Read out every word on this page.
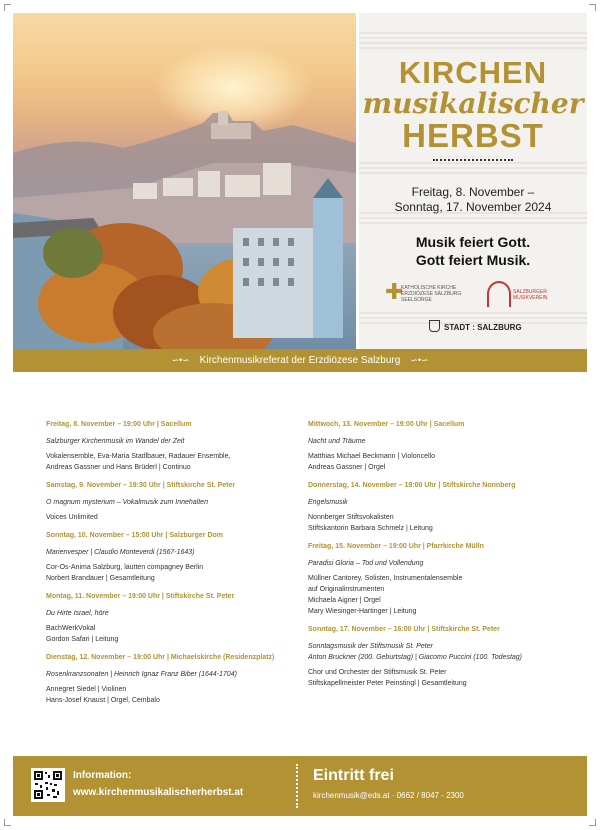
KIRCHEN
musikalischer
HERBST
Freitag, 8. November –
Sonntag, 17. November 2024
Musik feiert Gott.
Gott feiert Musik.
✚
KATHOLISCHE KIRCHE
ERZDIÖZESE SALZBURG
SEELSORGE
SALZBURGER
MUSIKVEREIN
STADT : SALZBURG
∽•∽ Kirchenmusikreferat der Erzdiözese Salzburg ∽•∽
Freitag, 8. November – 19:00 Uhr | Sacellum
Salzburger Kirchenmusik im Wandel der Zeit
Vokalensemble, Eva-Maria Stadlbauer, Radauer Ensemble,
Andreas Gassner und Hans Brüderl | Continuo
Samstag, 9. November – 19:30 Uhr | Stiftskirche St. Peter
O magnum mysterium – Vokalmusik zum Innehalten
Voices Unlimited
Sonntag, 10. November – 15:00 Uhr | Salzburger Dom
Marienvesper | Claudio Monteverdi (1567-1643)
Cor-Os-Anima Salzburg, lautten compagney Berlin
Norbert Brandauer | Gesamtleitung
Montag, 11. November – 19:00 Uhr | Stiftskirche St. Peter
Du Hirte Israel, höre
BachWerkVokal
Gordon Safari | Leitung
Dienstag, 12. November – 19:00 Uhr | Michaelskirche (Residenzplatz)
Rosenkranzsonaten | Heinrich Ignaz Franz Biber (1644-1704)
Annegret Siedel | Violinen
Hans-Josef Knaust | Orgel, Cembalo
Mittwoch, 13. November – 19:00 Uhr | Sacellum
Nacht und Träume
Matthias Michael Beckmann | Violoncello
Andreas Gassner | Orgel
Donnerstag, 14. November – 19:00 Uhr | Stiftskirche Nonnberg
Engelsmusik
Nonnberger Stiftsvokalisten
Stiftskantorin Barbara Schmelz | Leitung
Freitag, 15. November – 19:00 Uhr | Pfarrkirche Mülln
Paradisi Gloria – Tod und Vollendung
Müllner Cantorey, Solisten, Instrumentalensemble
auf Originalinstrumenten
Michaela Aigner | Orgel
Mary Wiesinger-Hartinger | Leitung
Sonntag, 17. November – 16:00 Uhr | Stiftskirche St. Peter
Sonntagsmusik der Stiftsmusik St. Peter
Anton Bruckner (200. Geburtstag) | Giacomo Puccini (100. Todestag)
Chor und Orchester der Stiftsmusik St. Peter
Stiftskapellmeister Peter Peinstingl | Gesamtleitung
Information:
www.kirchenmusikalischerherbst.at
Eintritt frei
kirchenmusik@eds.at · 0662 / 8047 - 2300
